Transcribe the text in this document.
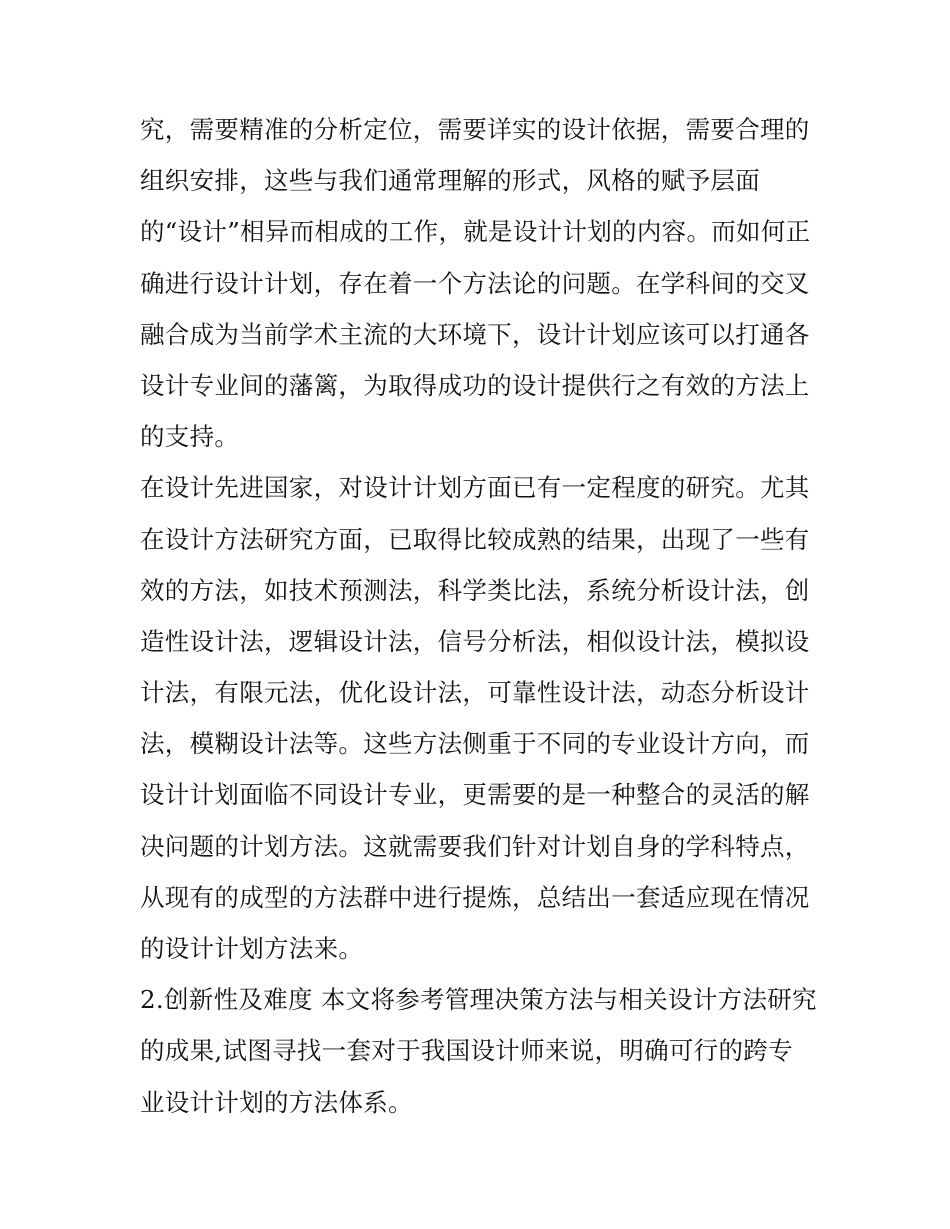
究，需要精准的分析定位，需要详实的设计依据，需要合理的
组织安排，这些与我们通常理解的形式，风格的赋予层面
的“设计”相异而相成的工作，就是设计计划的内容。而如何正
确进行设计计划，存在着一个方法论的问题。在学科间的交叉
融合成为当前学术主流的大环境下，设计计划应该可以打通各
设计专业间的藩篱，为取得成功的设计提供行之有效的方法上
的支持。
在设计先进国家，对设计计划方面已有一定程度的研究。尤其
在设计方法研究方面，已取得比较成熟的结果，出现了一些有
效的方法，如技术预测法，科学类比法，系统分析设计法，创
造性设计法，逻辑设计法，信号分析法，相似设计法，模拟设
计法，有限元法，优化设计法，可靠性设计法，动态分析设计
法，模糊设计法等。这些方法侧重于不同的专业设计方向，而
设计计划面临不同设计专业，更需要的是一种整合的灵活的解
决问题的计划方法。这就需要我们针对计划自身的学科特点，
从现有的成型的方法群中进行提炼，总结出一套适应现在情况
的设计计划方法来。
2.创新性及难度 本文将参考管理决策方法与相关设计方法研究
的成果,试图寻找一套对于我国设计师来说，明确可行的跨专
业设计计划的方法体系。
